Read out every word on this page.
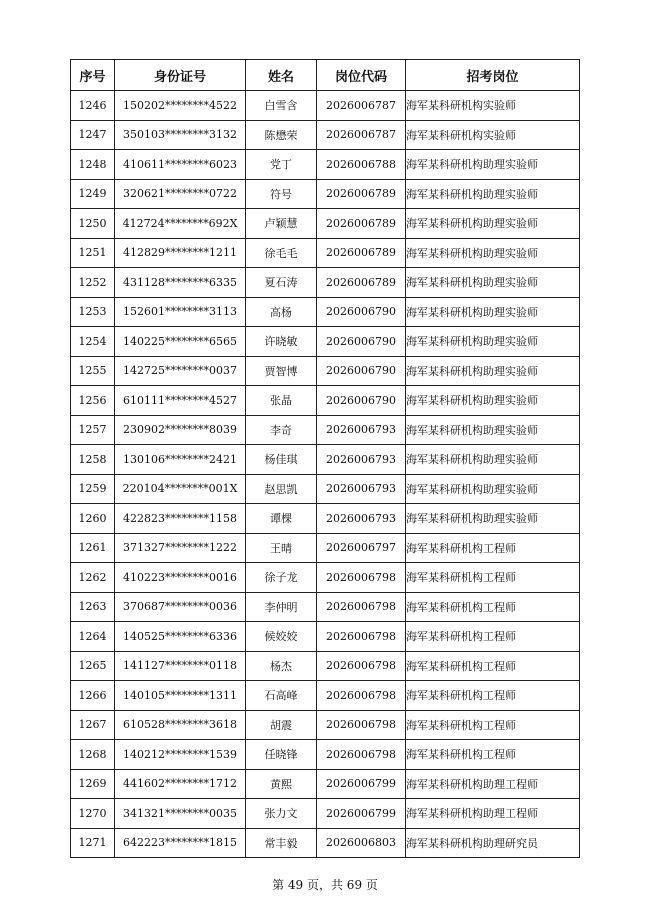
序号	身份证号	姓名	岗位代码	招考岗位
1246	150202********4522	白雪含	2026006787	海军某科研机构实验师
1247	350103********3132	陈懋荣	2026006787	海军某科研机构实验师
1248	410611********6023	党丁	2026006788	海军某科研机构助理实验师
1249	320621********0722	符号	2026006789	海军某科研机构助理实验师
1250	412724********692X	卢颖慧	2026006789	海军某科研机构助理实验师
1251	412829********1211	徐毛毛	2026006789	海军某科研机构助理实验师
1252	431128********6335	夏石涛	2026006789	海军某科研机构助理实验师
1253	152601********3113	高杨	2026006790	海军某科研机构助理实验师
1254	140225********6565	许晓敏	2026006790	海军某科研机构助理实验师
1255	142725********0037	贾智博	2026006790	海军某科研机构助理实验师
1256	610111********4527	张晶	2026006790	海军某科研机构助理实验师
1257	230902********8039	李奇	2026006793	海军某科研机构助理实验师
1258	130106********2421	杨佳琪	2026006793	海军某科研机构助理实验师
1259	220104********001X	赵思凯	2026006793	海军某科研机构助理实验师
1260	422823********1158	谭棵	2026006793	海军某科研机构助理实验师
1261	371327********1222	王晴	2026006797	海军某科研机构工程师
1262	410223********0016	徐子龙	2026006798	海军某科研机构工程师
1263	370687********0036	李仲明	2026006798	海军某科研机构工程师
1264	140525********6336	候姣姣	2026006798	海军某科研机构工程师
1265	141127********0118	杨杰	2026006798	海军某科研机构工程师
1266	140105********1311	石高峰	2026006798	海军某科研机构工程师
1267	610528********3618	胡震	2026006798	海军某科研机构工程师
1268	140212********1539	任晓锋	2026006798	海军某科研机构工程师
1269	441602********1712	黄熙	2026006799	海军某科研机构助理工程师
1270	341321********0035	张力文	2026006799	海军某科研机构助理工程师
1271	642223********1815	常丰毅	2026006803	海军某科研机构助理研究员
第 49 页，共 69 页
